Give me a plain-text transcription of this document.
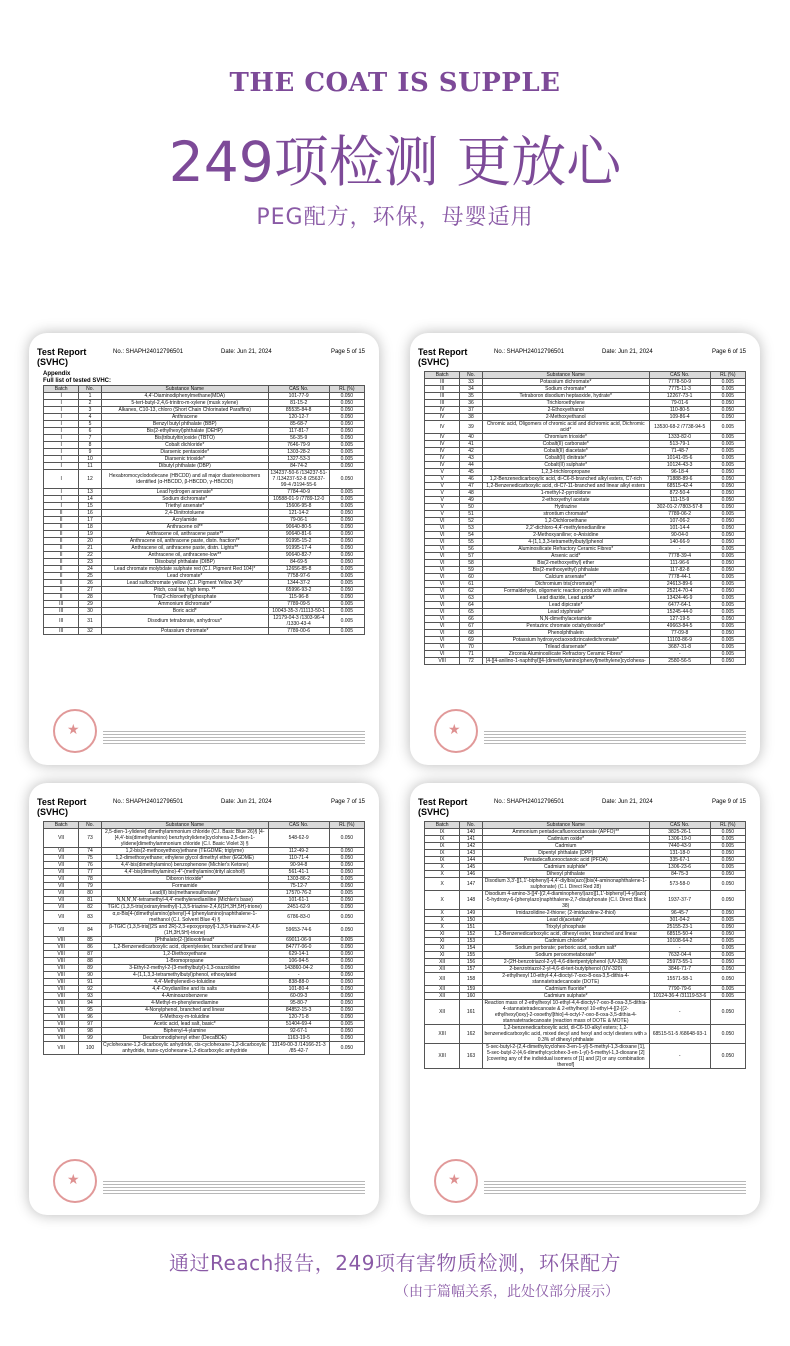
THE COAT IS SUPPLE
249项检测 更放心
PEG配方，环保，母婴适用
Test Report (SVHC)
No.: SHAPH24012796501	Date: Jun 21, 2024	Page 5 of 15
Appendix
Full list of tested SVHC:
Batch	No.	Substance Name	CAS No.	RL (%)
I	1	4,4'-Diaminodiphenylmethane(MDA)	101-77-9	0.050
I	2	5-tert-butyl-2,4,6-trinitro-m-xylene (musk xylene)	81-15-2	0.050
I	3	Alkanes, C10-13, chloro (Short Chain Chlorinated Paraffins)	85535-84-8	0.050
I	4	Anthracene	120-12-7	0.050
I	5	Benzyl butyl phthalate (BBP)	85-68-7	0.050
I	6	Bis(2-ethylhexyl)phthalate (DEHP)	117-81-7	0.050
I	7	Bis(tributyltin)oxide (TBTO)	56-35-9	0.050
I	8	Cobalt dichloride*	7646-79-9	0.005
I	9	Diarsenic pentaoxide*	1303-28-2	0.005
I	10	Diarsenic trioxide*	1327-53-3	0.005
I	11	Dibutyl phthalate (DBP)	84-74-2	0.050
I	12	Hexabromocyclododecane (HBCDD) and all major diastereoisomers identified (α-HBCDD, β-HBCDD, γ-HBCDD)	134237-50-6 /134237-51-7 /134237-52-8 /25637-99-4 /3194-55-6	0.050
I	13	Lead hydrogen arsenate*	7784-40-9	0.005
I	14	Sodium dichromate*	10588-01-9 /7789-12-0	0.005
I	15	Triethyl arsenate*	15606-95-8	0.005
II	16	2,4-Dinitrotoluene	121-14-2	0.050
II	17	Acrylamide	79-06-1	0.050
II	18	Anthracene oil**	90640-80-5	0.050
II	19	Anthracene oil, anthracene paste**	90640-81-6	0.050
II	20	Anthracene oil, anthracene paste, distn. fraction**	91995-15-2	0.050
II	21	Anthracene oil, anthracene paste, distn. Lights**	91995-17-4	0.050
II	22	Anthracene oil, anthracene-low**	90640-82-7	0.050
II	23	Diisobutyl phthalate (DIBP)	84-69-5	0.050
II	24	Lead chromate molybdate sulphate red (C.I. Pigment Red 104)*	12656-85-8	0.005
II	25	Lead chromate*	7758-97-6	0.005
II	26	Lead sulfochromate yellow (C.I. Pigment Yellow 34)*	1344-37-2	0.005
II	27	Pitch, coal tar, high temp. **	65996-93-2	0.050
II	28	Tris(2-chloroethyl)phosphate	115-96-8	0.050
III	29	Ammonium dichromate*	7789-09-5	0.005
III	30	Boric acid*	10043-35-3 /11113-50-1	0.005
III	31	Disodium tetraborate, anhydrous*	12179-04-3 /1303-96-4 /1330-43-4	0.005
III	32	Potassium chromate*	7789-00-6	0.005
★
Test Report (SVHC)
No.: SHAPH24012796501	Date: Jun 21, 2024	Page 6 of 15
Batch	No.	Substance Name	CAS No.	RL (%)
III	33	Potassium dichromate*	7778-50-9	0.005
III	34	Sodium chromate*	7775-11-3	0.005
III	35	Tetraboron disodium heptaoxide, hydrate*	12267-73-1	0.005
III	36	Trichloroethylene	79-01-6	0.050
IV	37	2-Ethoxyethanol	110-80-5	0.050
IV	38	2-Methoxyethanol	109-86-4	0.050
IV	39	Chromic acid, Oligomers of chromic acid and dichromic acid, Dichromic acid*	13530-68-2 /7738-94-5	0.005
IV	40	Chromium trioxide*	1333-82-0	0.005
IV	41	Cobalt(II) carbonate*	513-79-1	0.005
IV	42	Cobalt(II) diacetate*	71-48-7	0.005
IV	43	Cobalt(II) dinitrate*	10141-05-6	0.005
IV	44	Cobalt(II) sulphate*	10124-43-3	0.005
V	45	1,2,3-trichloropropane	96-18-4	0.050
V	46	1,2-Benzenedicarboxylic acid, di-C6-8-branched alkyl esters, C7-rich	71888-89-6	0.050
V	47	1,2-Benzenedicarboxylic acid, di-C7-11-branched and linear alkyl esters	68515-42-4	0.050
V	48	1-methyl-2-pyrrolidone	872-50-4	0.050
V	49	2-ethoxyethyl acetate	111-15-9	0.050
V	50	Hydrazine	302-01-2 /7803-57-8	0.050
V	51	strontium chromate*	7789-06-2	0.005
VI	52	1,2-Dichloroethane	107-06-2	0.050
VI	53	2,2'-dichloro-4,4'-methylenedianiline	101-14-4	0.050
VI	54	2-Methoxyaniline; o-Anisidine	90-04-0	0.050
VI	55	4-(1,1,3,3-tetramethylbutyl)phenol	140-66-9	0.050
VI	56	Aluminosilicate Refractory Ceramic Fibres*	-	0.005
VI	57	Arsenic acid*	7778-39-4	0.005
VI	58	Bis(2-methoxyethyl) ether	111-96-6	0.050
VI	59	Bis(2-methoxyethyl) phthalate	117-82-8	0.050
VI	60	Calcium arsenate*	7778-44-1	0.005
VI	61	Dichromium tris(chromate)*	24613-89-6	0.005
VI	62	Formaldehyde, oligomeric reaction products with aniline	25214-70-4	0.050
VI	63	Lead diazide, Lead azide*	13424-46-9	0.005
VI	64	Lead dipicrate*	6477-64-1	0.005
VI	65	Lead styphnate*	15245-44-0	0.005
VI	66	N,N-dimethylacetamide	127-19-5	0.050
VI	67	Pentazinc chromate octahydroxide*	49663-84-5	0.005
VI	68	Phenolphthalein	77-09-8	0.050
VI	69	Potassium hydroxyoctaoxodizincatedichromate*	11103-86-9	0.005
VI	70	Trilead diarsenate*	3687-31-8	0.005
VI	71	Zirconia Aluminosilicate Refractory Ceramic Fibres*	-	0.005
VIII	72	[4-[[4-anilino-1-naphthyl][4-(dimethylamino)phenyl]methylene]cyclohexa-	2580-56-5	0.050
★
Test Report (SVHC)
No.: SHAPH24012796501	Date: Jun 21, 2024	Page 7 of 15
Batch	No.	Substance Name	CAS No.	RL (%)
VII	73	2,5-dien-1-ylidene] dimethylammonium chloride (C.I. Basic Blue 26)§ [4-[4,4'-bis(dimethylamino) benzhydrylidene]cyclohexa-2,5-dien-1-ylidene]dimethylammonium chloride (C.I. Basic Violet 3) §	548-62-9	0.050
VII	74	1,2-bis(2-methoxyethoxy)ethane (TEGDME; triglyme)	112-49-2	0.050
VII	75	1,2-dimethoxyethane; ethylene glycol dimethyl ether (EGDME)	110-71-4	0.050
VII	76	4,4'-bis(dimethylamino) benzophenone (Michler's Ketone)	90-94-8	0.050
VII	77	4,4'-bis(dimethylamino)-4''-(methylamino)trityl alcohol§	561-41-1	0.050
VII	78	Diboron trioxide*	1303-86-2	0.005
VII	79	Formamide	75-12-7	0.050
VII	80	Lead(II) bis(methanesulfonate)*	17570-76-2	0.005
VII	81	N,N,N',N'-tetramethyl-4,4'-methylenedianiline (Michler's base)	101-61-1	0.050
VII	82	TGIC (1,3,5-tris(oxiranylmethyl)-1,3,5-triazine-2,4,6(1H,3H,5H)-trione)	2451-62-9	0.050
VII	83	α,α-Bis[4-(dimethylamino)phenyl]-4 (phenylamino)naphthalene-1-methanol (C.I. Solvent Blue 4) §	6786-83-0	0.050
VII	84	β-TGIC (1,3,5-tris[(2S and 2R)-2,3-epoxypropyl]-1,3,5-triazine-2,4,6-(1H,3H,5H)-trione)	59653-74-6	0.050
VIII	85	[Phthalato(2-)]dioxotrilead*	69011-06-9	0.005
VIII	86	1,2-Benzenedicarboxylic acid, dipentylester, branched and linear	84777-06-0	0.050
VIII	87	1,2-Diethoxyethane	629-14-1	0.050
VIII	88	1-Bromopropane	106-94-5	0.050
VIII	89	3-Ethyl-2-methyl-2-(3-methylbutyl)-1,3-oxazolidine	143860-04-2	0.050
VIII	90	4-(1,1,3,3-tetramethylbutyl)phenol, ethoxylated	-	0.050
VIII	91	4,4'-Methylenedi-o-toluidine	838-88-0	0.050
VIII	92	4,4'-Oxydianiline and its salts	101-80-4	0.050
VIII	93	4-Aminoazobenzene	60-09-3	0.050
VIII	94	4-Methyl-m-phenylenediamine	95-80-7	0.050
VIII	95	4-Nonylphenol, branched and linear	84852-15-3	0.050
VIII	96	6-Methoxy-m-toluidine	120-71-8	0.050
VIII	97	Acetic acid, lead salt, basic*	51404-69-4	0.005
VIII	98	Biphenyl-4-ylamine	92-67-1	0.050
VIII	99	Decabromodiphenyl ether (DecaBDE)	1163-19-5	0.050
VIII	100	Cyclohexane-1,2-dicarboxylic anhydride, cis-cyclohexane-1,2-dicarboxylic anhydride, trans-cyclohexane-1,2-dicarboxylic anhydride	13149-00-3 /14166-21-3 /85-42-7	0.050
★
Test Report (SVHC)
No.: SHAPH24012796501	Date: Jun 21, 2024	Page 9 of 15
Batch	No.	Substance Name	CAS No.	RL (%)
IX	140	Ammonium pentadecafluorooctanoate (APFO)**	3825-26-1	0.050
IX	141	Cadmium oxide*	1306-19-0	0.005
IX	142	Cadmium	7440-43-9	0.005
IX	143	Dipentyl phthalate (DPP)	131-18-0	0.050
IX	144	Pentadecafluorooctanoic acid (PFOA)	335-67-1	0.050
X	145	Cadmium sulphide*	1306-23-6	0.005
X	146	Dihexyl phthalate	84-75-3	0.050
X	147	Disodium 3,3'-[[1,1'-biphenyl]-4,4'-diylbis(azo)]bis(4-aminonaphthalene-1-sulphonate) (C.I. Direct Red 28)	573-58-0	0.050
X	148	Disodium 4-amino-3-[[4'-[(2,4-diaminophenyl)azo][1,1'-biphenyl]-4-yl]azo] -5-hydroxy-6-(phenylazo)naphthalene-2,7-disulphonate (C.I. Direct Black 38)	1937-37-7	0.050
X	149	Imidazolidine-2-thione; (2-imidazoline-2-thiol)	96-45-7	0.050
X	150	Lead di(acetate)*	301-04-2	0.005
X	151	Trixylyl phosphate	25155-23-1	0.050
XI	152	1,2-Benzenedicarboxylic acid, dihexyl ester, branched and linear	68515-50-4	0.050
XI	153	Cadmium chloride*	10108-64-2	0.005
XI	154	Sodium perborate; perboric acid, sodium salt*	-	0.005
XI	155	Sodium peroxometaborate*	7632-04-4	0.005
XII	156	2-(2H-benzotriazol-2-yl)-4,6-ditertpentylphenol (UV-328)	25973-55-1	0.050
XII	157	2-benzotriazol-2-yl-4,6-di-tert-butylphenol (UV-320)	3846-71-7	0.050
XII	158	2-ethylhexyl 10-ethyl-4,4-dioctyl-7-oxo-8-oxa-3,5-dithia-4-stannatetradecanoate (DOTE)	15571-58-1	0.050
XII	159	Cadmium fluoride*	7790-79-6	0.005
XII	160	Cadmium sulphate*	10124-36-4 /31119-53-6	0.005
XII	161	Reaction mass of 2-ethylhexyl 10-ethyl-4,4-dioctyl-7-oxo-8-oxa-3,5-dithia-4-stannatetradecanoate & 2-ethylhexyl 10-ethyl-4-[[2-[(2-ethylhexyl)oxy]-2-oxoethyl]thio]-4-octyl-7-oxo-8-oxa-3,5-dithia-4-stannatetradecanoate (reaction mass of DOTE & MOTE)	-	0.050
XIII	162	1,2-benzenedicarboxylic acid, di-C6-10-alkyl esters; 1,2-benzenedicarboxylic acid, mixed decyl and hexyl and octyl diesters with ≥ 0.3% of dihexyl phthalate	68515-51-5 /68648-93-1	0.050
XIII	163	5-sec-butyl-2-(2,4-dimethylcyclohex-3-en-1-yl)-5-methyl-1,3-dioxane [1], 5-sec-butyl-2-(4,6-dimethylcyclohex-3-en-1-yl)-5-methyl-1,3-dioxane [2] [covering any of the individual isomers of [1] and [2] or any combination thereof]	-	0.050
★
通过Reach报告，249项有害物质检测，环保配方
（由于篇幅关系，此处仅部分展示）
